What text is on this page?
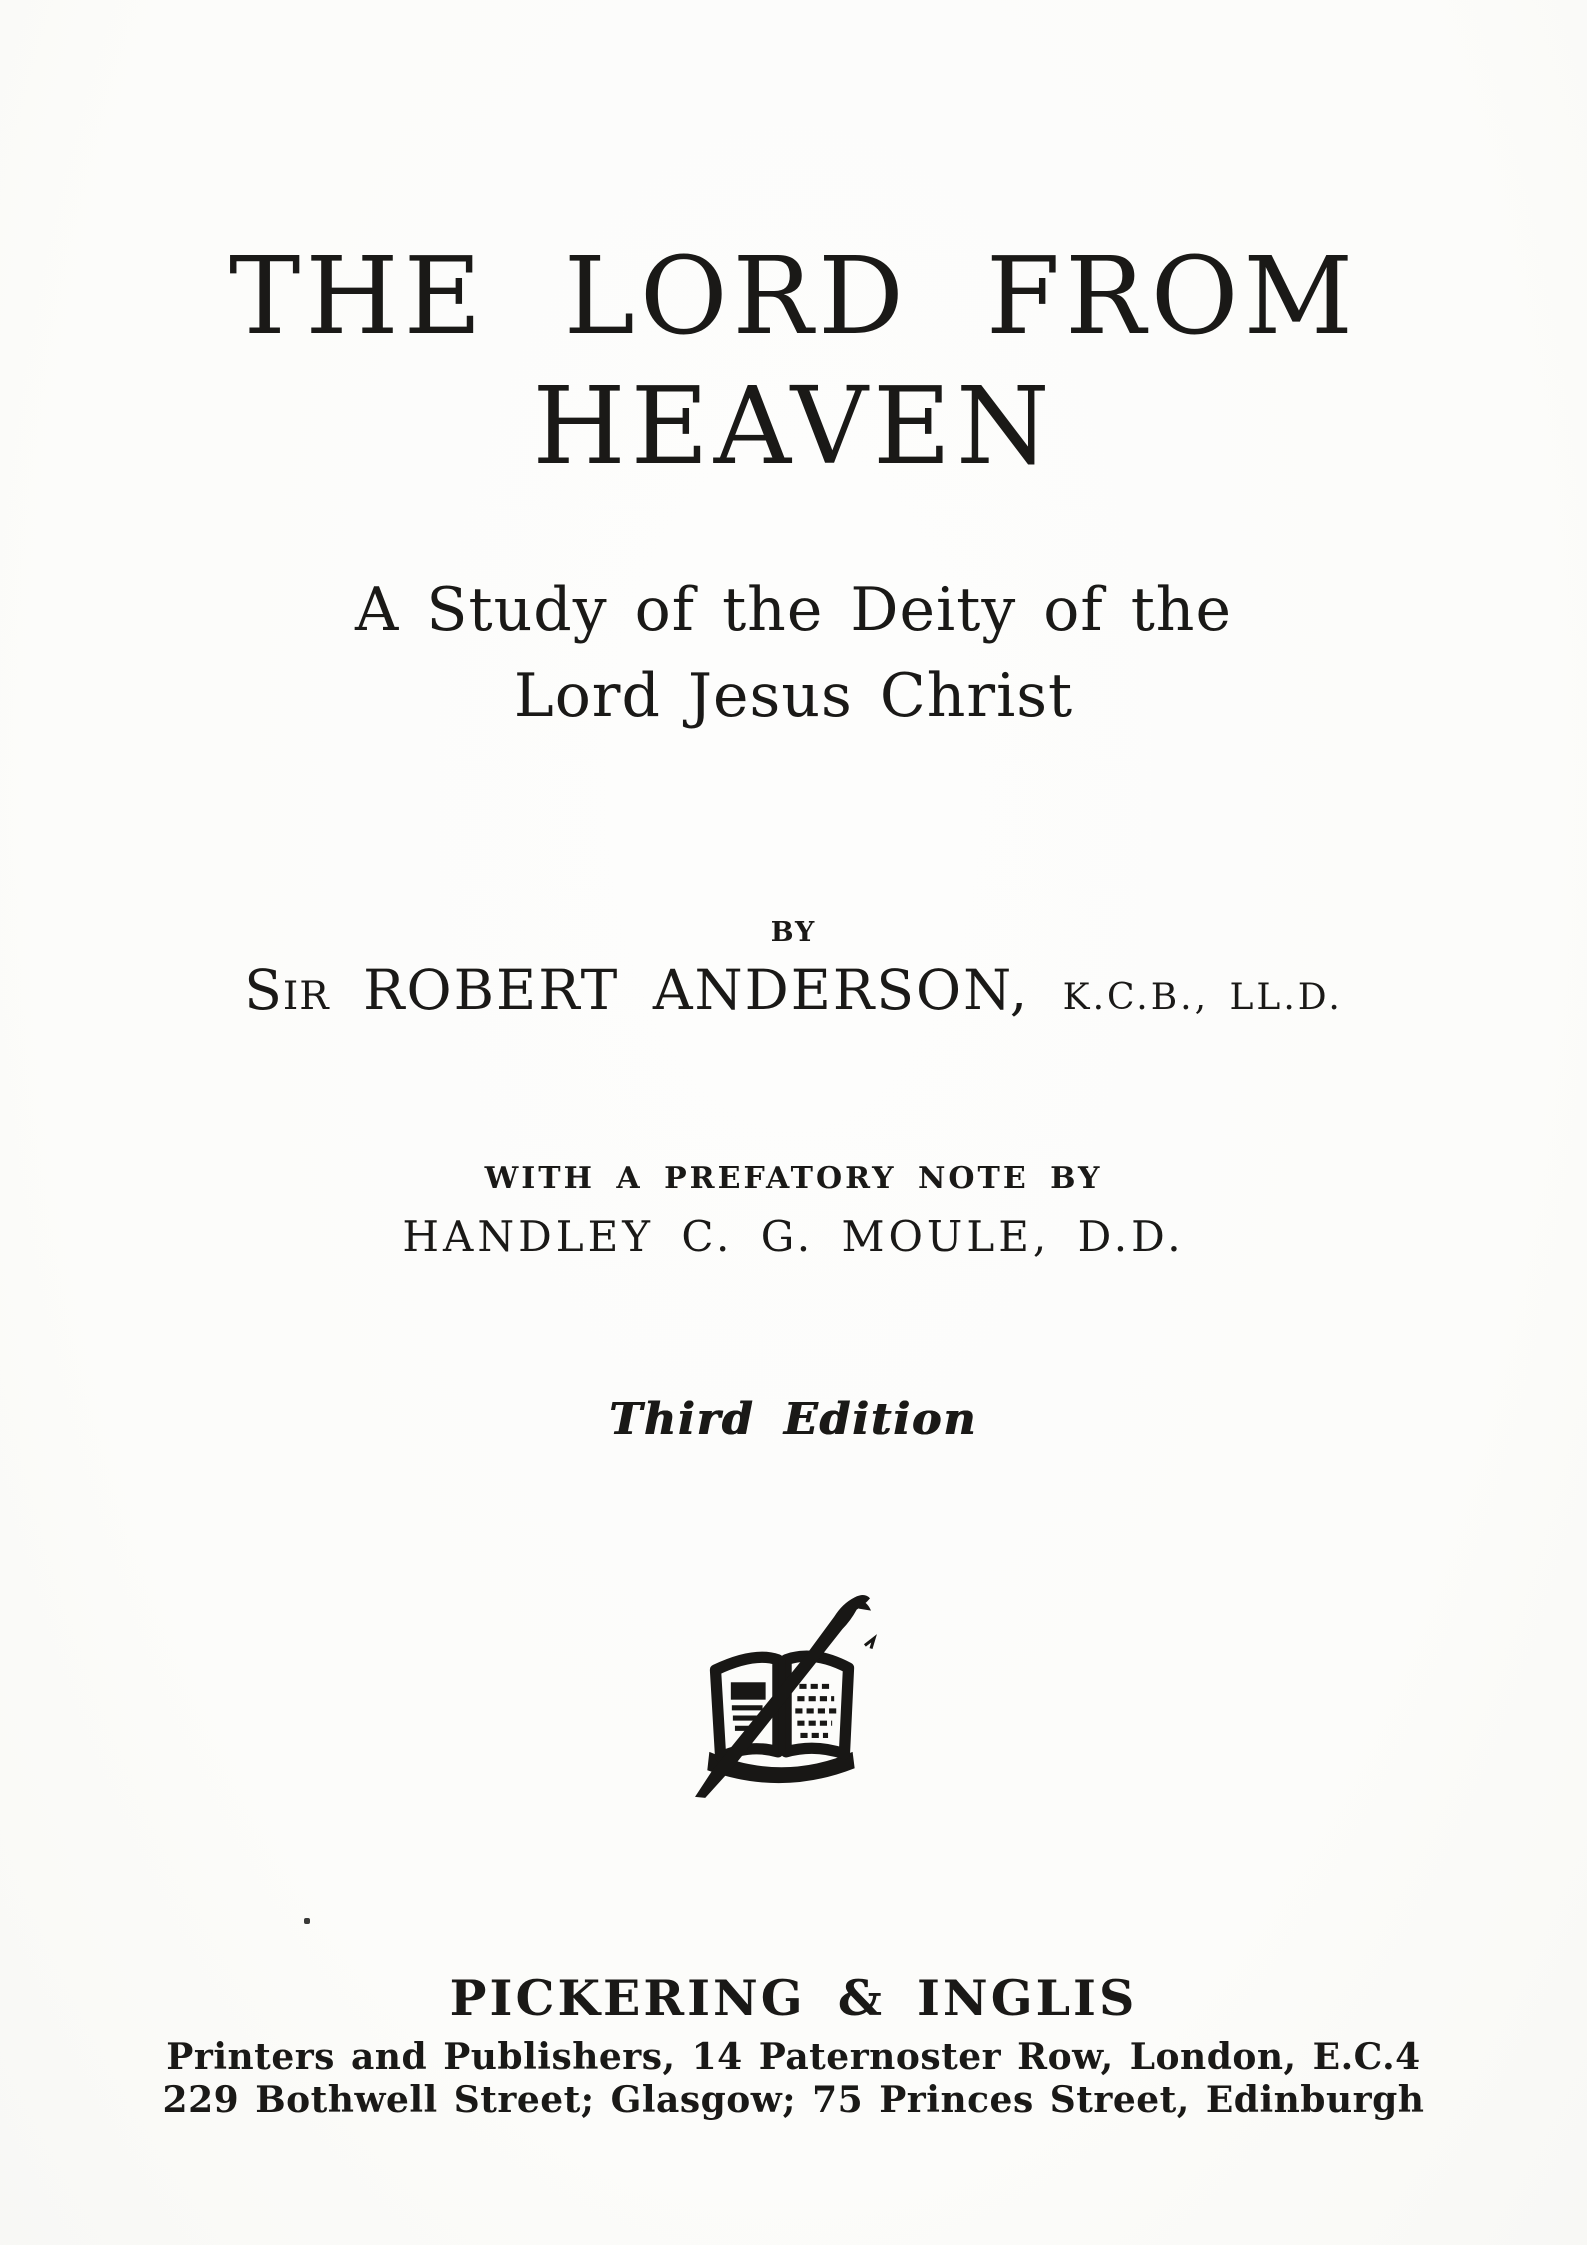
THE LORD FROM
HEAVEN
A Study of the Deity of the
Lord Jesus Christ
BY
Sir ROBERT ANDERSON, K.C.B., LL.D.
WITH A PREFATORY NOTE BY
HANDLEY C. G. MOULE, D.D.
Third Edition
PICKERING & INGLIS
Printers and Publishers, 14 Paternoster Row, London, E.C.4
229 Bothwell Street; Glasgow; 75 Princes Street, Edinburgh
